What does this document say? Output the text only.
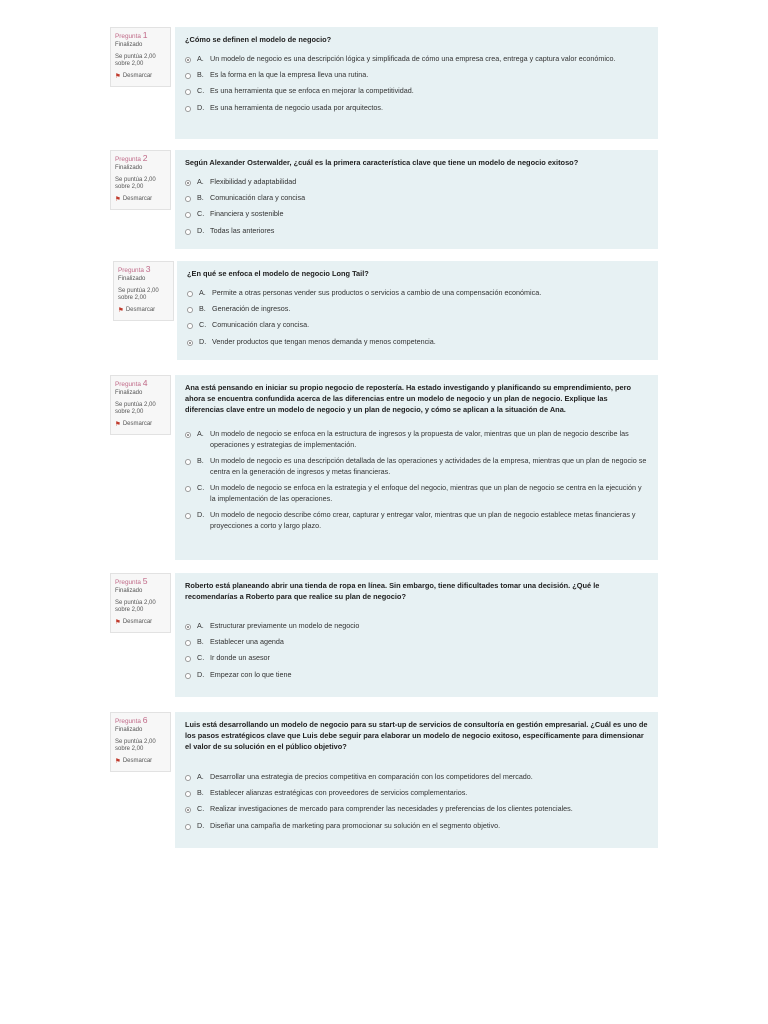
Pregunta 1
Finalizado
Se puntúa 2,00 sobre 2,00
⚑ Desmarcar
¿Cómo se definen el modelo de negocio?
A. Un modelo de negocio es una descripción lógica y simplificada de cómo una empresa crea, entrega y captura valor económico.
B. Es la forma en la que la empresa lleva una rutina.
C. Es una herramienta que se enfoca en mejorar la competitividad.
D. Es una herramienta de negocio usada por arquitectos.
Pregunta 2
Finalizado
Se puntúa 2,00 sobre 2,00
⚑ Desmarcar
Según Alexander Osterwalder, ¿cuál es la primera característica clave que tiene un modelo de negocio exitoso?
A. Flexibilidad y adaptabilidad
B. Comunicación clara y concisa
C. Financiera y sostenible
D. Todas las anteriores
Pregunta 3
Finalizado
Se puntúa 2,00 sobre 2,00
⚑ Desmarcar
¿En qué se enfoca el modelo de negocio Long Tail?
A. Permite a otras personas vender sus productos o servicios a cambio de una compensación económica.
B. Generación de ingresos.
C. Comunicación clara y concisa.
D. Vender productos que tengan menos demanda y menos competencia.
Pregunta 4
Finalizado
Se puntúa 2,00 sobre 2,00
⚑ Desmarcar
Ana está pensando en iniciar su propio negocio de repostería. Ha estado investigando y planificando su emprendimiento, pero ahora se encuentra confundida acerca de las diferencias entre un modelo de negocio y un plan de negocio. Explique las diferencias clave entre un modelo de negocio y un plan de negocio, y cómo se aplican a la situación de Ana.
A. Un modelo de negocio se enfoca en la estructura de ingresos y la propuesta de valor, mientras que un plan de negocio describe las operaciones y estrategias de implementación.
B. Un modelo de negocio es una descripción detallada de las operaciones y actividades de la empresa, mientras que un plan de negocio se centra en la generación de ingresos y metas financieras.
C. Un modelo de negocio se enfoca en la estrategia y el enfoque del negocio, mientras que un plan de negocio se centra en la ejecución y la implementación de las operaciones.
D. Un modelo de negocio describe cómo crear, capturar y entregar valor, mientras que un plan de negocio establece metas financieras y proyecciones a corto y largo plazo.
Pregunta 5
Finalizado
Se puntúa 2,00 sobre 2,00
⚑ Desmarcar
Roberto está planeando abrir una tienda de ropa en línea. Sin embargo, tiene dificultades tomar una decisión. ¿Qué le recomendarías a Roberto para que realice su plan de negocio?
A. Estructurar previamente un modelo de negocio
B. Establecer una agenda
C. Ir donde un asesor
D. Empezar con lo que tiene
Pregunta 6
Finalizado
Se puntúa 2,00 sobre 2,00
⚑ Desmarcar
Luis está desarrollando un modelo de negocio para su start-up de servicios de consultoría en gestión empresarial. ¿Cuál es uno de los pasos estratégicos clave que Luis debe seguir para elaborar un modelo de negocio exitoso, específicamente para dimensionar el valor de su solución en el público objetivo?
A. Desarrollar una estrategia de precios competitiva en comparación con los competidores del mercado.
B. Establecer alianzas estratégicas con proveedores de servicios complementarios.
C. Realizar investigaciones de mercado para comprender las necesidades y preferencias de los clientes potenciales.
D. Diseñar una campaña de marketing para promocionar su solución en el segmento objetivo.
